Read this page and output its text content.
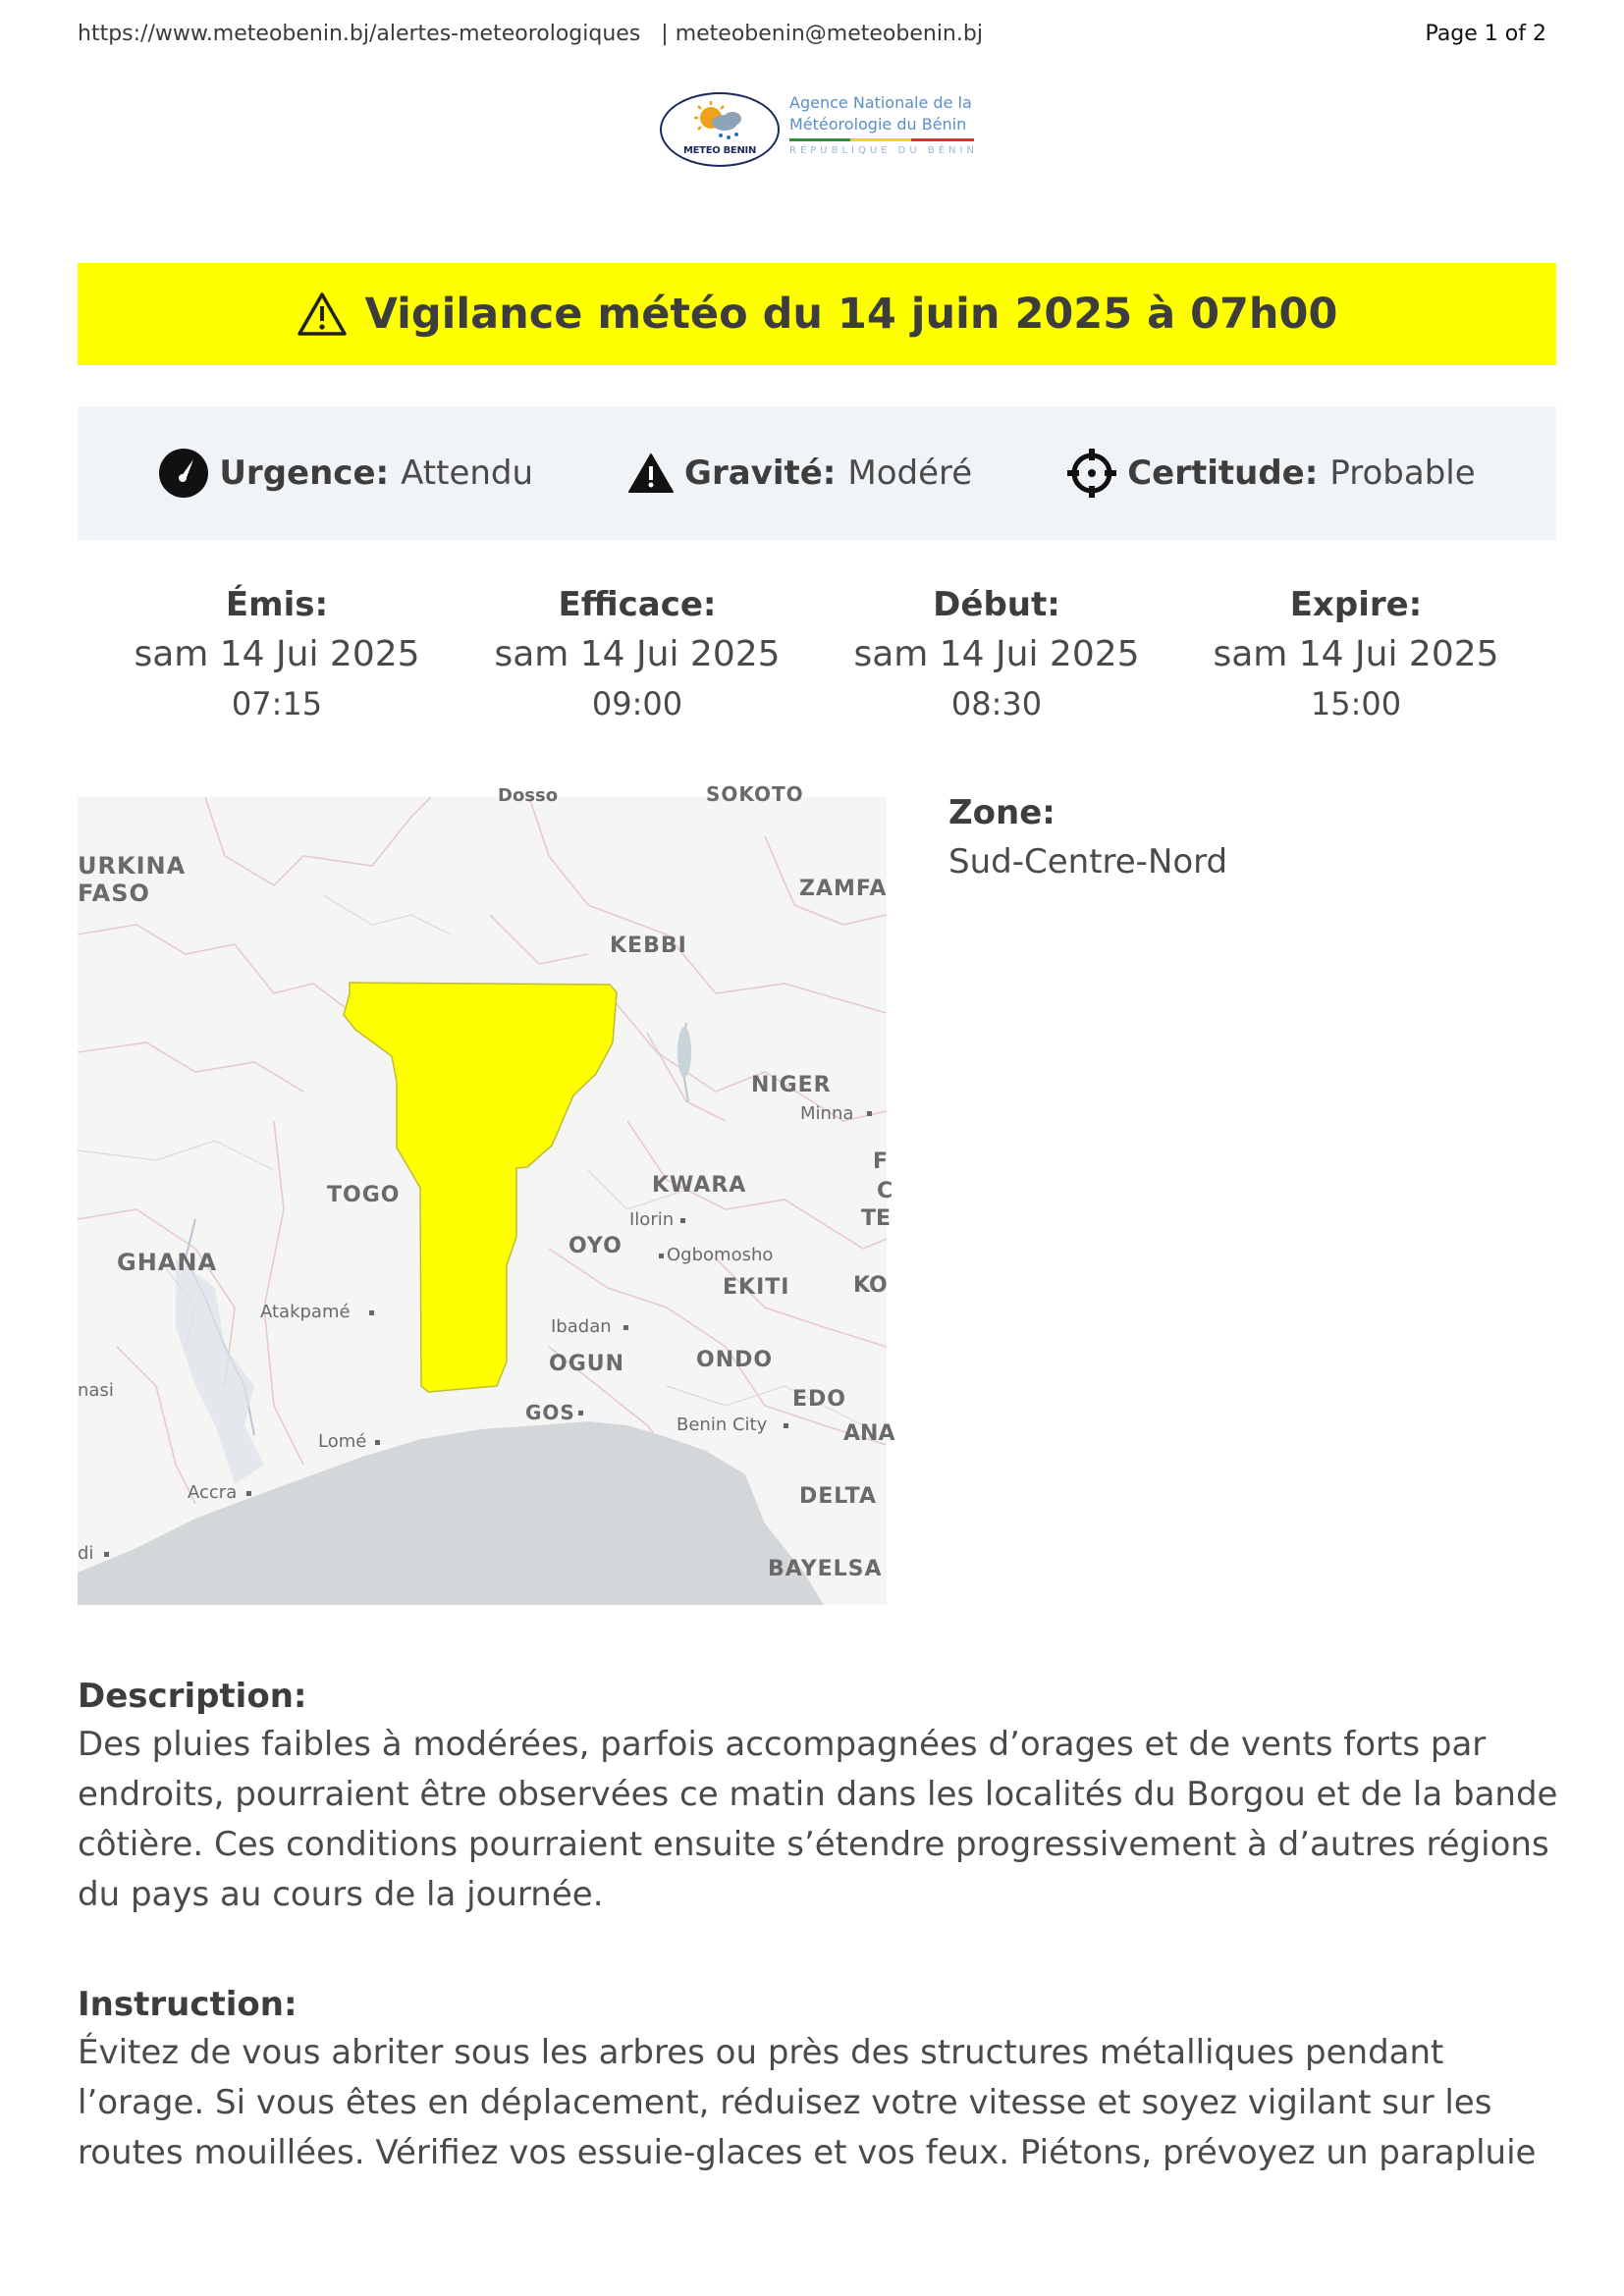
https://www.meteobenin.bj/alertes-meteorologiques | meteobenin@meteobenin.bj	Page 1 of 2
METEO BENIN
Agence Nationale de la
Météorologie du Bénin
RÉPUBLIQUE DU BÉNIN
Vigilance météo du 14 juin 2025 à 07h00
Urgence: Attendu	Gravité: Modéré	Certitude: Probable
Émis:
sam 14 Jui 2025
07:15
Efficace:
sam 14 Jui 2025
09:00
Début:
sam 14 Jui 2025
08:30
Expire:
sam 14 Jui 2025
15:00
Dosso	SOKOTO
URKINA
FASO	ZAMFA
KEBBI
NIGER
Minna
TOGO	KWARA
Ilorin
OYO	Ogbomosho
GHANA
EKITI
Atakpamé
Ibadan
OGUN	ONDO
nasi	EDO
Lomé
GOS
Benin City
Accra	DELTA
BAYELSA
KO
TE
F
C
ANA
di
Zone:
Sud-Centre-Nord
Description:
Des pluies faibles à modérées, parfois accompagnées d’orages et de vents forts par endroits, pourraient être observées ce matin dans les localités du Borgou et de la bande côtière. Ces conditions pourraient ensuite s’étendre progressivement à d’autres régions du pays au cours de la journée.
Instruction:
Évitez de vous abriter sous les arbres ou près des structures métalliques pendant l’orage. Si vous êtes en déplacement, réduisez votre vitesse et soyez vigilant sur les routes mouillées. Vérifiez vos essuie-glaces et vos feux. Piétons, prévoyez un parapluie
